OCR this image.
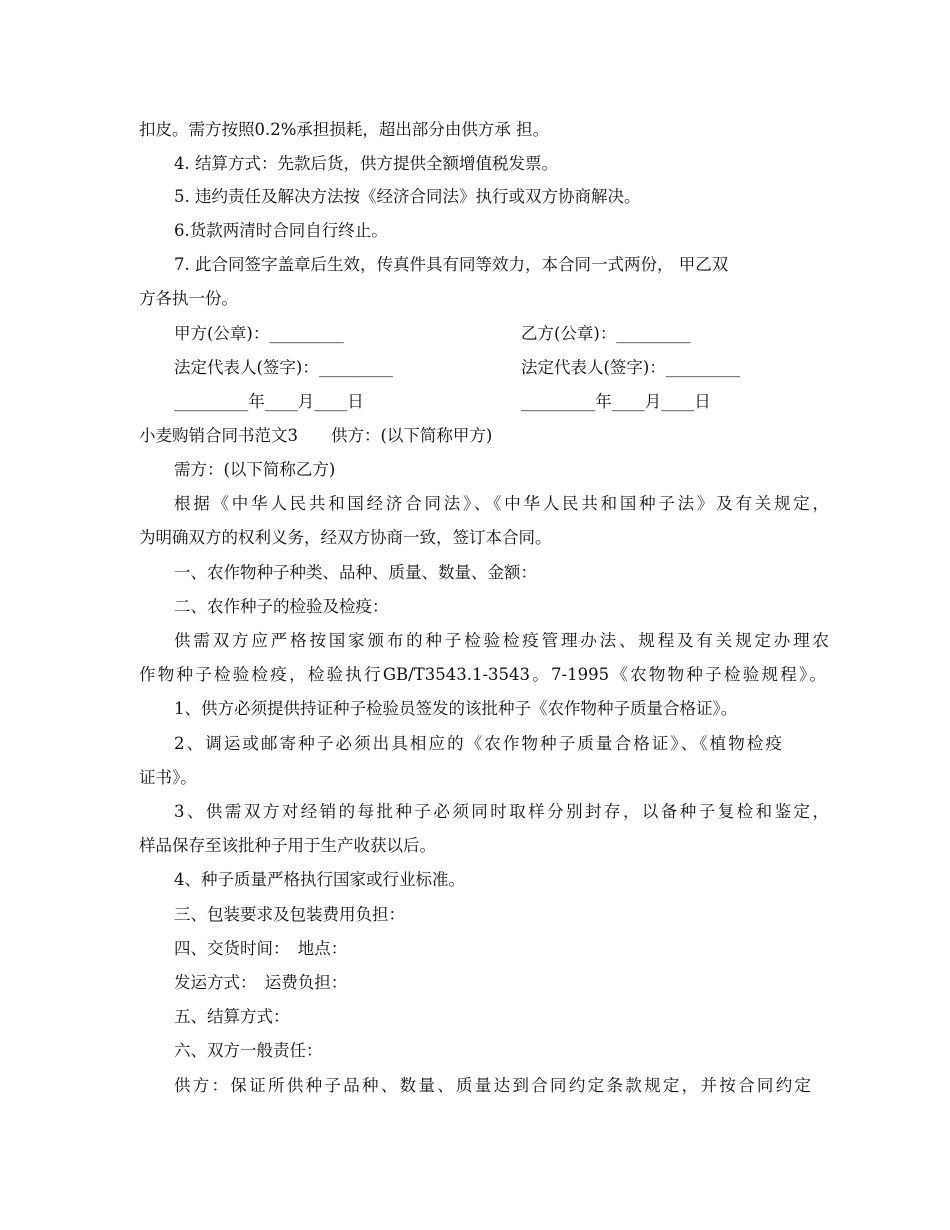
扣皮。需方按照0.2%承担损耗，超出部分由供方承 担。
4. 结算方式：先款后货，供方提供全额增值税发票。
5. 违约责任及解决方法按《经济合同法》执行或双方协商解决。
6.货款两清时合同自行终止。
7. 此合同签字盖章后生效，传真件具有同等效力，本合同一式两份， 甲乙双
方各执一份。
甲方(公章)：_________	乙方(公章)：_________
法定代表人(签字)：_________	法定代表人(签字)：_________
_________年____月____日	_________年____月____日
小麦购销合同书范文3　　供方：(以下简称甲方)
需方：(以下简称乙方)
根据《中华人民共和国经济合同法》、《中华人民共和国种子法》及有关规定，
为明确双方的权利义务，经双方协商一致，签订本合同。
一、农作物种子种类、品种、质量、数量、金额：
二、农作种子的检验及检疫：
供需双方应严格按国家颁布的种子检验检疫管理办法、规程及有关规定办理农
作物种子检验检疫，检验执行GB/T3543.1-3543。7-1995《农物物种子检验规程》。
1、供方必须提供持证种子检验员签发的该批种子《农作物种子质量合格证》。
2、调运或邮寄种子必须出具相应的《农作物种子质量合格证》、《植物检疫
证书》。
3、供需双方对经销的每批种子必须同时取样分别封存，以备种子复检和鉴定，
样品保存至该批种子用于生产收获以后。
4、种子质量严格执行国家或行业标准。
三、包装要求及包装费用负担：
四、交货时间：　地点：
发运方式：　运费负担：
五、结算方式：
六、双方一般责任：
供方：保证所供种子品种、数量、质量达到合同约定条款规定，并按合同约定
